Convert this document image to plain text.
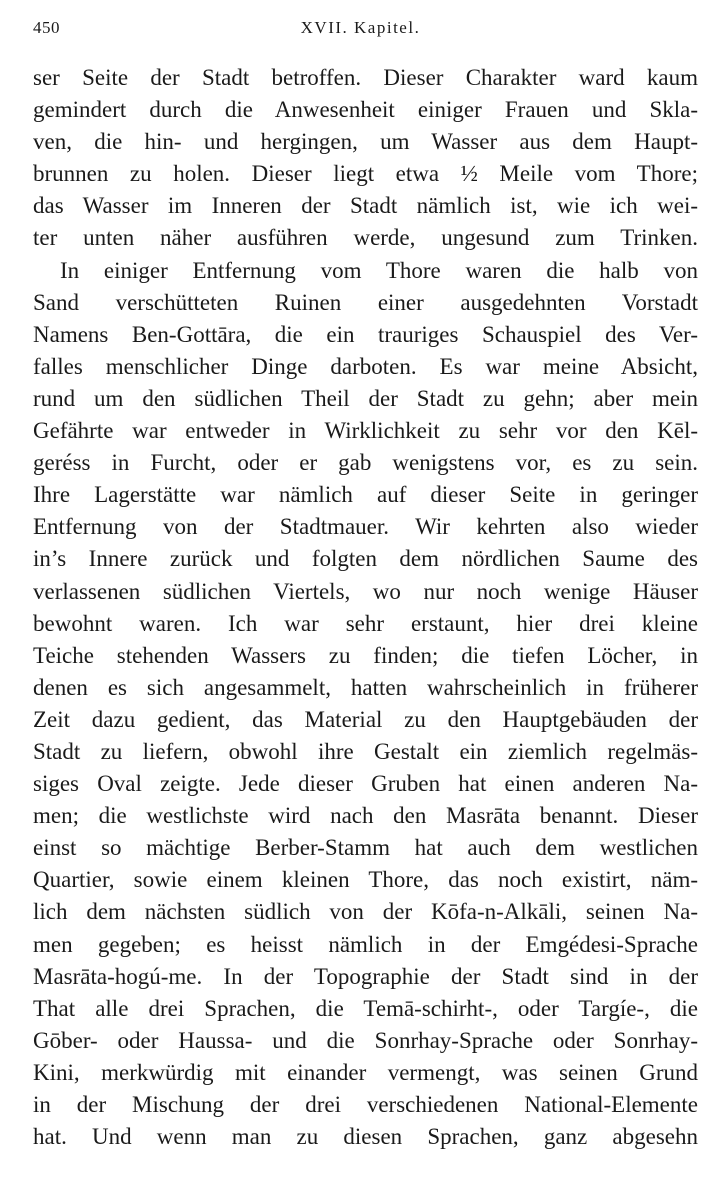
450	XVII. Kapitel.
ser Seite der Stadt betroffen. Dieser Charakter ward kaum
gemindert durch die Anwesenheit einiger Frauen und Skla-
ven, die hin- und hergingen, um Wasser aus dem Haupt-
brunnen zu holen. Dieser liegt etwa ½ Meile vom Thore;
das Wasser im Inneren der Stadt nämlich ist, wie ich wei-
ter unten näher ausführen werde, ungesund zum Trinken.
In einiger Entfernung vom Thore waren die halb von
Sand verschütteten Ruinen einer ausgedehnten Vorstadt
Namens Ben-Gottāra, die ein trauriges Schauspiel des Ver-
falles menschlicher Dinge darboten. Es war meine Absicht,
rund um den südlichen Theil der Stadt zu gehn; aber mein
Gefährte war entweder in Wirklichkeit zu sehr vor den Kēl-
geréss in Furcht, oder er gab wenigstens vor, es zu sein.
Ihre Lagerstätte war nämlich auf dieser Seite in geringer
Entfernung von der Stadtmauer. Wir kehrten also wieder
in’s Innere zurück und folgten dem nördlichen Saume des
verlassenen südlichen Viertels, wo nur noch wenige Häuser
bewohnt waren. Ich war sehr erstaunt, hier drei kleine
Teiche stehenden Wassers zu finden; die tiefen Löcher, in
denen es sich angesammelt, hatten wahrscheinlich in früherer
Zeit dazu gedient, das Material zu den Hauptgebäuden der
Stadt zu liefern, obwohl ihre Gestalt ein ziemlich regelmäs-
siges Oval zeigte. Jede dieser Gruben hat einen anderen Na-
men; die westlichste wird nach den Masrāta benannt. Dieser
einst so mächtige Berber-Stamm hat auch dem westlichen
Quartier, sowie einem kleinen Thore, das noch existirt, näm-
lich dem nächsten südlich von der Kōfa-n-Alkāli, seinen Na-
men gegeben; es heisst nämlich in der Emgédesi-Sprache
Masrāta-hogú-me. In der Topographie der Stadt sind in der
That alle drei Sprachen, die Temā-schirht-, oder Targíe-, die
Gōber- oder Haussa- und die Sonrhay-Sprache oder Sonrhay-
Kini, merkwürdig mit einander vermengt, was seinen Grund
in der Mischung der drei verschiedenen National-Elemente
hat. Und wenn man zu diesen Sprachen, ganz abgesehn
